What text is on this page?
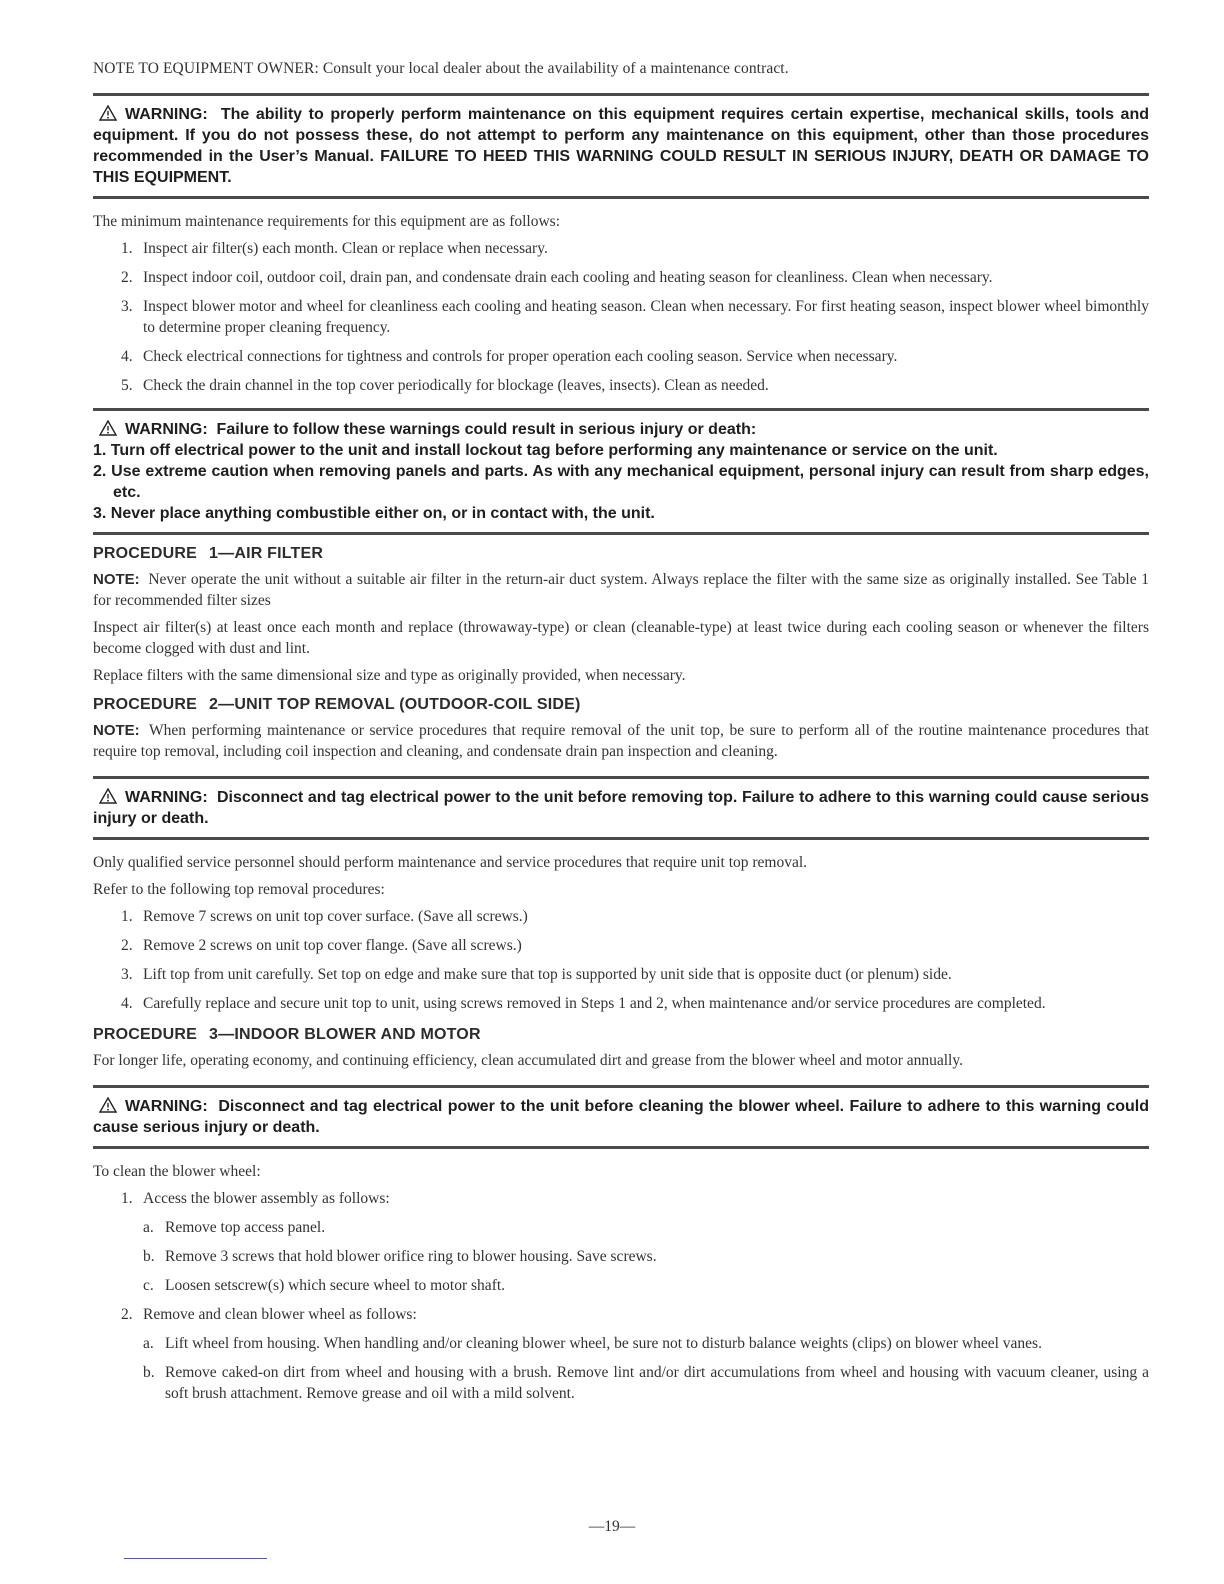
NOTE TO EQUIPMENT OWNER: Consult your local dealer about the availability of a maintenance contract.

WARNING: The ability to properly perform maintenance on this equipment requires certain expertise, mechanical skills, tools and equipment. If you do not possess these, do not attempt to perform any maintenance on this equipment, other than those procedures recommended in the User’s Manual. FAILURE TO HEED THIS WARNING COULD RESULT IN SERIOUS INJURY, DEATH OR DAMAGE TO THIS EQUIPMENT.

The minimum maintenance requirements for this equipment are as follows:

1. Inspect air filter(s) each month. Clean or replace when necessary.
2. Inspect indoor coil, outdoor coil, drain pan, and condensate drain each cooling and heating season for cleanliness. Clean when necessary.
3. Inspect blower motor and wheel for cleanliness each cooling and heating season. Clean when necessary. For first heating season, inspect blower wheel bimonthly to determine proper cleaning frequency.
4. Check electrical connections for tightness and controls for proper operation each cooling season. Service when necessary.
5. Check the drain channel in the top cover periodically for blockage (leaves, insects). Clean as needed.
WARNING: Failure to follow these warnings could result in serious injury or death:
1. Turn off electrical power to the unit and install lockout tag before performing any maintenance or service on the unit.
2. Use extreme caution when removing panels and parts. As with any mechanical equipment, personal injury can result from sharp edges, etc.
3. Never place anything combustible either on, or in contact with, the unit.
PROCEDURE 1—AIR FILTER

NOTE: Never operate the unit without a suitable air filter in the return-air duct system. Always replace the filter with the same size as originally installed. See Table 1 for recommended filter sizes

Inspect air filter(s) at least once each month and replace (throwaway-type) or clean (cleanable-type) at least twice during each cooling season or whenever the filters become clogged with dust and lint.

Replace filters with the same dimensional size and type as originally provided, when necessary.

PROCEDURE 2—UNIT TOP REMOVAL (OUTDOOR-COIL SIDE)

NOTE: When performing maintenance or service procedures that require removal of the unit top, be sure to perform all of the routine maintenance procedures that require top removal, including coil inspection and cleaning, and condensate drain pan inspection and cleaning.

WARNING: Disconnect and tag electrical power to the unit before removing top. Failure to adhere to this warning could cause serious injury or death.

Only qualified service personnel should perform maintenance and service procedures that require unit top removal.

Refer to the following top removal procedures:

1. Remove 7 screws on unit top cover surface. (Save all screws.)
2. Remove 2 screws on unit top cover flange. (Save all screws.)
3. Lift top from unit carefully. Set top on edge and make sure that top is supported by unit side that is opposite duct (or plenum) side.
4. Carefully replace and secure unit top to unit, using screws removed in Steps 1 and 2, when maintenance and/or service procedures are completed.
PROCEDURE 3—INDOOR BLOWER AND MOTOR

For longer life, operating economy, and continuing efficiency, clean accumulated dirt and grease from the blower wheel and motor annually.

WARNING: Disconnect and tag electrical power to the unit before cleaning the blower wheel. Failure to adhere to this warning could cause serious injury or death.

To clean the blower wheel:

1. Access the blower assembly as follows:
a. Remove top access panel.
b. Remove 3 screws that hold blower orifice ring to blower housing. Save screws.
c. Loosen setscrew(s) which secure wheel to motor shaft.
2. Remove and clean blower wheel as follows:
a. Lift wheel from housing. When handling and/or cleaning blower wheel, be sure not to disturb balance weights (clips) on blower wheel vanes.
b. Remove caked-on dirt from wheel and housing with a brush. Remove lint and/or dirt accumulations from wheel and housing with vacuum cleaner, using a soft brush attachment. Remove grease and oil with a mild solvent.
—19—
